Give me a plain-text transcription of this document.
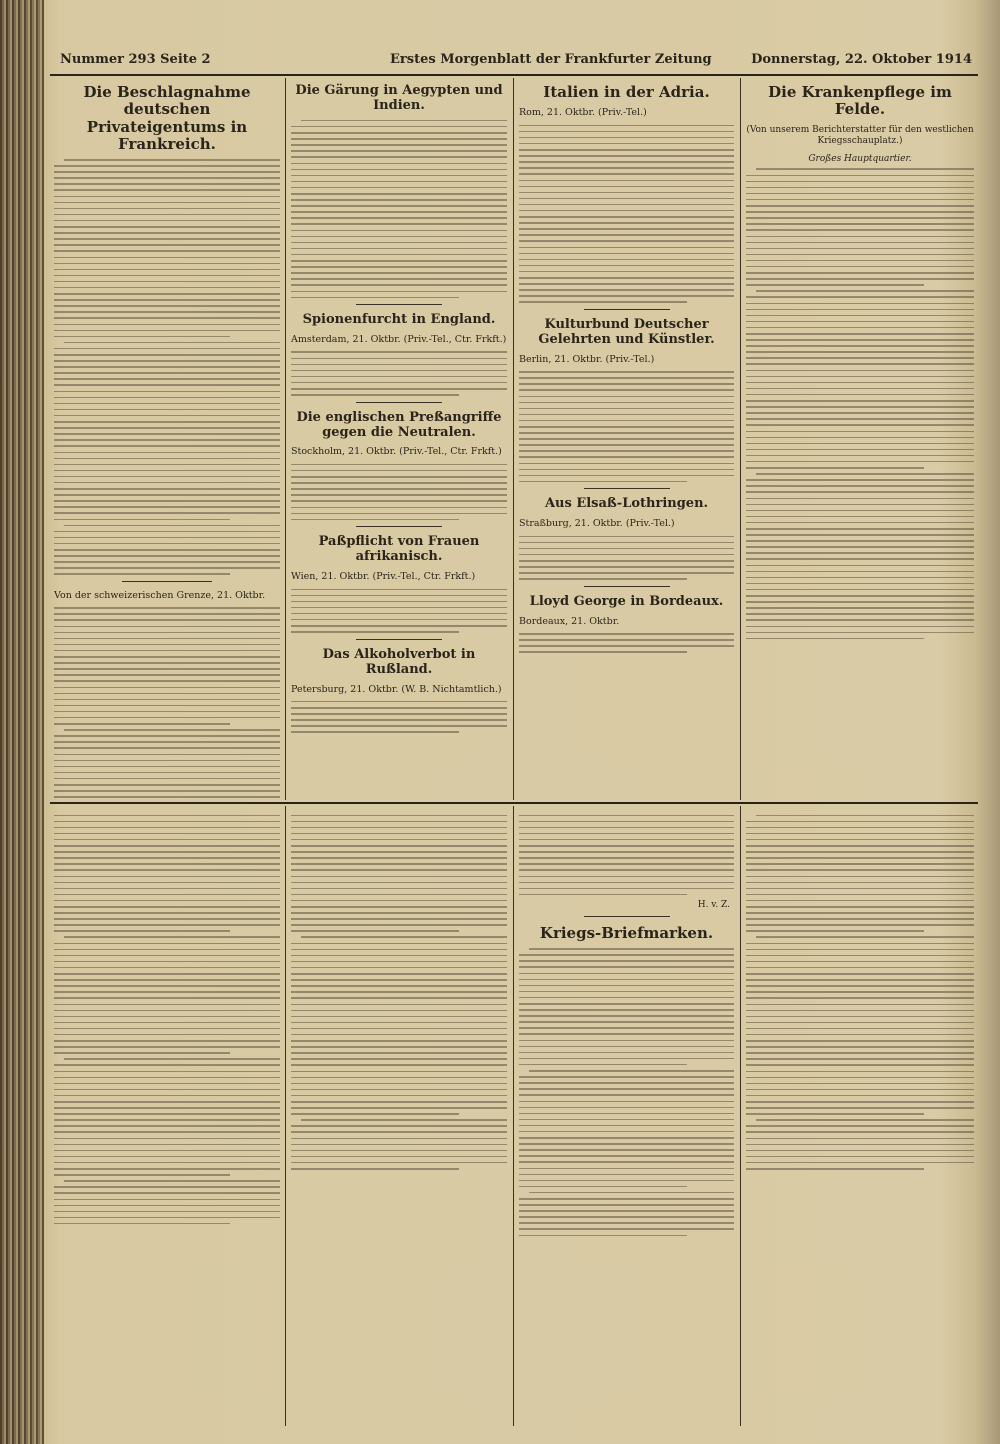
Nummer 293 Seite 2	Erstes Morgenblatt der Frankfurter Zeitung	Donnerstag, 22. Oktober 1914
Die Beschlagnahme deutschen Privateigentums in Frankreich.
Von der schweizerischen Grenze, 21. Oktbr.
Die Gärung in Aegypten und Indien.
Spionenfurcht in England.
Amsterdam, 21. Oktbr. (Priv.-Tel., Ctr. Frkft.)
Die englischen Preßangriffe gegen die Neutralen.
Stockholm, 21. Oktbr. (Priv.-Tel., Ctr. Frkft.)
Paßpflicht von Frauen afrikanisch.
Wien, 21. Oktbr. (Priv.-Tel., Ctr. Frkft.)
Das Alkoholverbot in Rußland.
Petersburg, 21. Oktbr. (W. B. Nichtamtlich.)
Italien in der Adria.
Rom, 21. Oktbr. (Priv.-Tel.)
Kulturbund Deutscher Gelehrten und Künstler.
Berlin, 21. Oktbr. (Priv.-Tel.)
Aus Elsaß-Lothringen.
Straßburg, 21. Oktbr. (Priv.-Tel.)
Lloyd George in Bordeaux.
Bordeaux, 21. Oktbr.
Die Krankenpflege im Felde.
(Von unserem Berichterstatter für den westlichen Kriegsschauplatz.)
Großes Hauptquartier.
H. v. Z.
Kriegs-Briefmarken.
